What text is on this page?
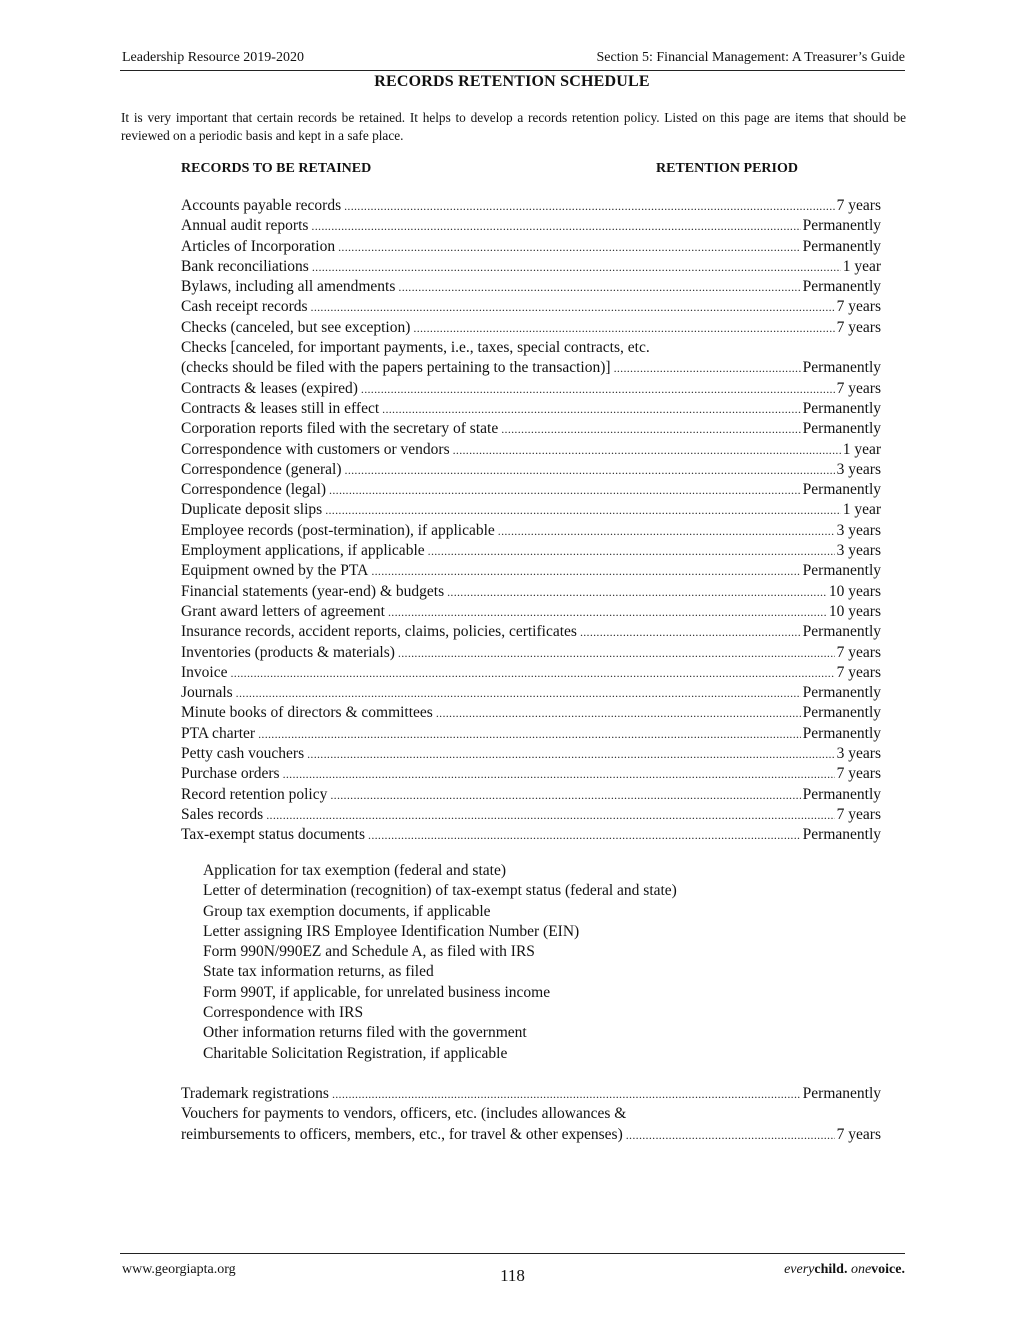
Leadership Resource 2019-2020	Section 5: Financial Management: A Treasurer’s Guide
RECORDS RETENTION SCHEDULE
It is very important that certain records be retained. It helps to develop a records retention policy. Listed on this page are items that should be reviewed on a periodic basis and kept in a safe place.
RECORDS TO BE RETAINED	RETENTION PERIOD
Accounts payable records .....	7 years
Annual audit reports .....	Permanently
Articles of Incorporation .....	Permanently
Bank reconciliations .....	1 year
Bylaws, including all amendments .....	Permanently
Cash receipt records .....	7 years
Checks (canceled, but see exception) .....	7 years
Checks [canceled, for important payments, i.e., taxes, special contracts, etc.
(checks should be filed with the papers pertaining to the transaction)] .....	Permanently
Contracts & leases (expired) .....	7 years
Contracts & leases still in effect .....	Permanently
Corporation reports filed with the secretary of state .....	Permanently
Correspondence with customers or vendors .....	1 year
Correspondence (general) .....	3 years
Correspondence (legal) .....	Permanently
Duplicate deposit slips .....	1 year
Employee records (post-termination), if applicable .....	3 years
Employment applications, if applicable .....	3 years
Equipment owned by the PTA .....	Permanently
Financial statements (year-end) & budgets .....	10 years
Grant award letters of agreement .....	10 years
Insurance records, accident reports, claims, policies, certificates .....	Permanently
Inventories (products & materials) .....	7 years
Invoice .....	7 years
Journals .....	Permanently
Minute books of directors & committees .....	Permanently
PTA charter .....	Permanently
Petty cash vouchers .....	3 years
Purchase orders .....	7 years
Record retention policy .....	Permanently
Sales records .....	7 years
Tax-exempt status documents .....	Permanently
Application for tax exemption (federal and state)
Letter of determination (recognition) of tax-exempt status (federal and state)
Group tax exemption documents, if applicable
Letter assigning IRS Employee Identification Number (EIN)
Form 990N/990EZ and Schedule A, as filed with IRS
State tax information returns, as filed
Form 990T, if applicable, for unrelated business income
Correspondence with IRS
Other information returns filed with the government
Charitable Solicitation Registration, if applicable
Trademark registrations .....	Permanently
Vouchers for payments to vendors, officers, etc. (includes allowances &
reimbursements to officers, members, etc., for travel & other expenses) .....	7 years
www.georgiapta.org	118	everychild. onevoice.
